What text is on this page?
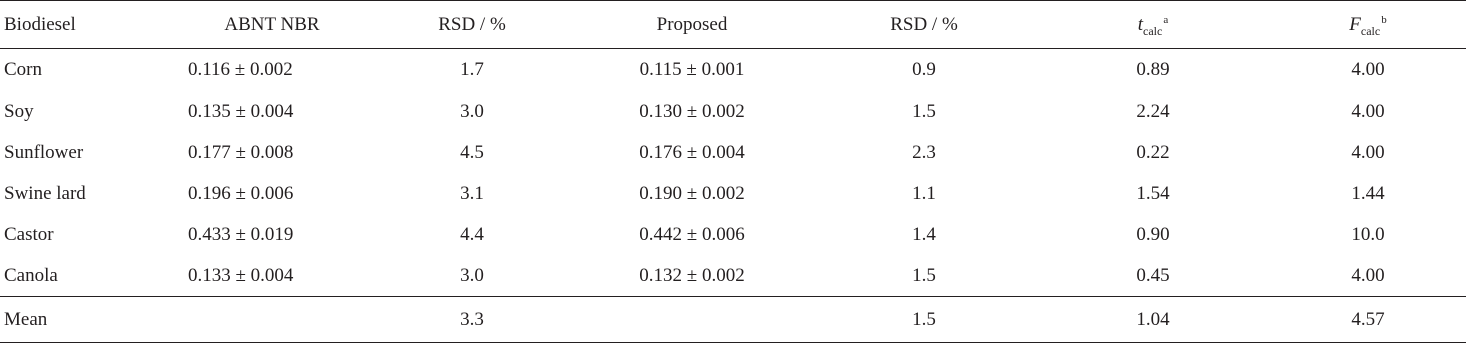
Biodiesel	ABNT NBR	RSD / %	Proposed	RSD / %	$t_{calc}^a$	$F_{calc}^b$
Corn	0.116 ± 0.002	1.7	0.115 ± 0.001	0.9	0.89	4.00
Soy	0.135 ± 0.004	3.0	0.130 ± 0.002	1.5	2.24	4.00
Sunflower	0.177 ± 0.008	4.5	0.176 ± 0.004	2.3	0.22	4.00
Swine lard	0.196 ± 0.006	3.1	0.190 ± 0.002	1.1	1.54	1.44
Castor	0.433 ± 0.019	4.4	0.442 ± 0.006	1.4	0.90	10.0
Canola	0.133 ± 0.004	3.0	0.132 ± 0.002	1.5	0.45	4.00
Mean		3.3		1.5	1.04	4.57
